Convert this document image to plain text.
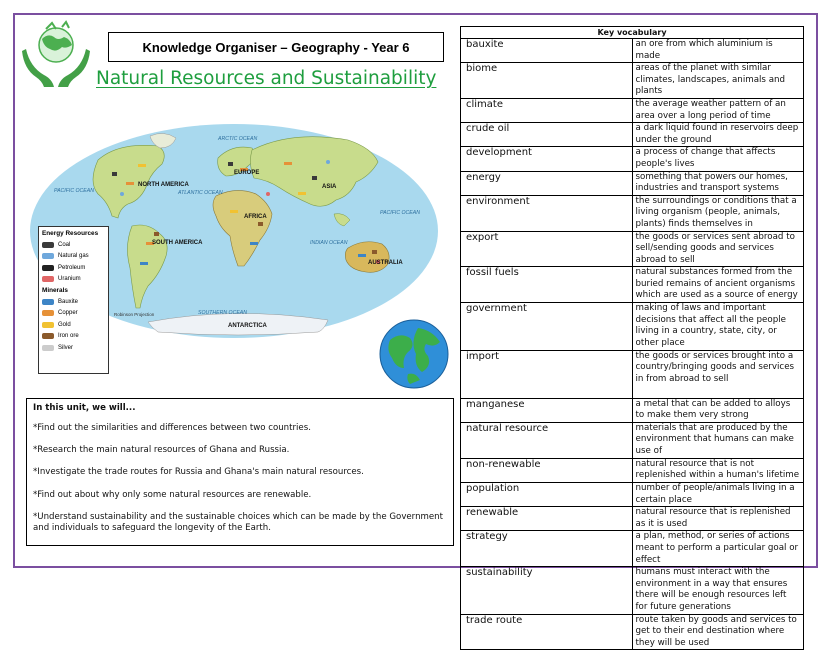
Knowledge Organiser – Geography - Year 6
Natural Resources and Sustainability
ARCTIC OCEAN
PACIFIC OCEAN	ATLANTIC OCEAN
PACIFIC OCEAN
INDIAN OCEAN
SOUTHERN OCEAN
NORTH AMERICA
SOUTH AMERICA
EUROPE
ASIA
AFRICA
AUSTRALIA
ANTARCTICA
Robinson Projection
Energy Resources
Coal
Natural gas
Petroleum
Uranium
Minerals
Bauxite
Copper
Gold
Iron ore
Silver
In this unit, we will...
*Find out the similarities and differences between two countries.
*Research the main natural resources of Ghana and Russia.
*Investigate the trade routes for Russia and Ghana's main natural resources.
*Find out about why only some natural resources are renewable.
*Understand sustainability and the sustainable choices which can be made by the Government and individuals to safeguard the longevity of the Earth.
Key vocabulary	
bauxite	an ore from which aluminium is made
biome	areas of the planet with similar climates, landscapes, animals and plants
climate	the average weather pattern of an area over a long period of time
crude oil	a dark liquid found in reservoirs deep under the ground
development	a process of change that affects people's lives
energy	something that powers our homes, industries and transport systems
environment	the surroundings or conditions that a living organism (people, animals, plants) finds themselves in
export	the goods or services sent abroad to sell/sending goods and services abroad to sell
fossil fuels	natural substances formed from the buried remains of ancient organisms which are used as a source of energy
government	making of laws and important decisions that affect all the people living in a country, state, city, or other place
import	the goods or services brought into a country/bringing goods and services in from abroad to sell
manganese	a metal that can be added to alloys to make them very strong
natural resource	materials that are produced by the environment that humans can make use of
non-renewable	natural resource that is not replenished within a human's lifetime
population	number of people/animals living in a certain place
renewable	natural resource that is replenished as it is used
strategy	a plan, method, or series of actions meant to perform a particular goal or effect
sustainability	humans must interact with the environment in a way that ensures there will be enough resources left for future generations
trade route	route taken by goods and services to get to their end destination where they will be used
